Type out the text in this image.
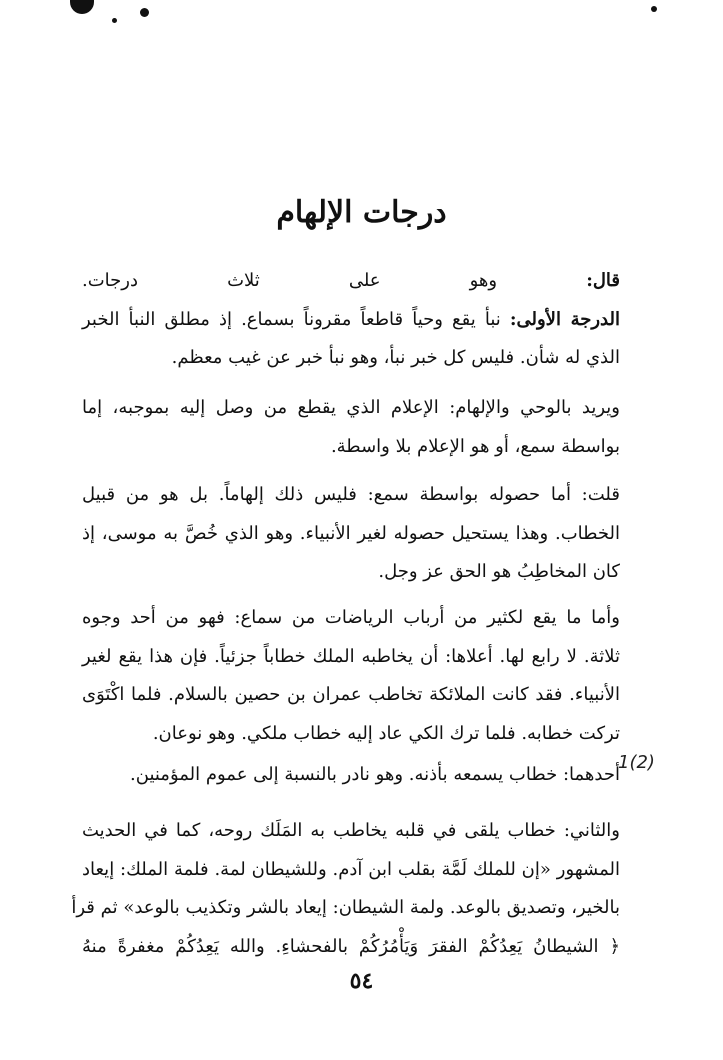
درجات الإلهام
قال: وهو على ثلاث درجات.
الدرجة الأولى: نبأ يقع وحياً قاطعاً مقروناً بسماع. إذ مطلق النبأ الخبر
الذي له شأن. فليس كل خبر نبأ، وهو نبأ خبر عن غيب معظم.
ويريد بالوحي والإلهام: الإعلام الذي يقطع من وصل إليه بموجبه، إما
بواسطة سمع، أو هو الإعلام بلا واسطة.
قلت: أما حصوله بواسطة سمع: فليس ذلك إلهاماً. بل هو من قبيل
الخطاب. وهذا يستحيل حصوله لغير الأنبياء. وهو الذي خُصَّ به موسى، إذ
كان المخاطِبُ هو الحق عز وجل.
وأما ما يقع لكثير من أرباب الرياضات من سماع: فهو من أحد وجوه
ثلاثة. لا رابع لها. أعلاها: أن يخاطبه الملك خطاباً جزئياً. فإن هذا يقع لغير
الأنبياء. فقد كانت الملائكة تخاطب عمران بن حصين بالسلام. فلما اكْتَوَى
تركت خطابه. فلما ترك الكي عاد إليه خطاب ملكي. وهو نوعان.
أحدهما: خطاب يسمعه بأذنه. وهو نادر بالنسبة إلى عموم المؤمنين.
1(2)
والثاني: خطاب يلقى في قلبه يخاطب به المَلَك روحه، كما في الحديث
المشهور «إن للملك لَمَّة بقلب ابن آدم. وللشيطان لمة. فلمة الملك: إيعاد
بالخير، وتصديق بالوعد. ولمة الشيطان: إيعاد بالشر وتكذيب بالوعد» ثم قرأ
﴿ الشيطانُ يَعِدُكُمْ الفقرَ وَيَأْمُرُكُمْ بالفحشاءِ. والله يَعِدُكُمْ مغفرةً منهُ
٥٤
